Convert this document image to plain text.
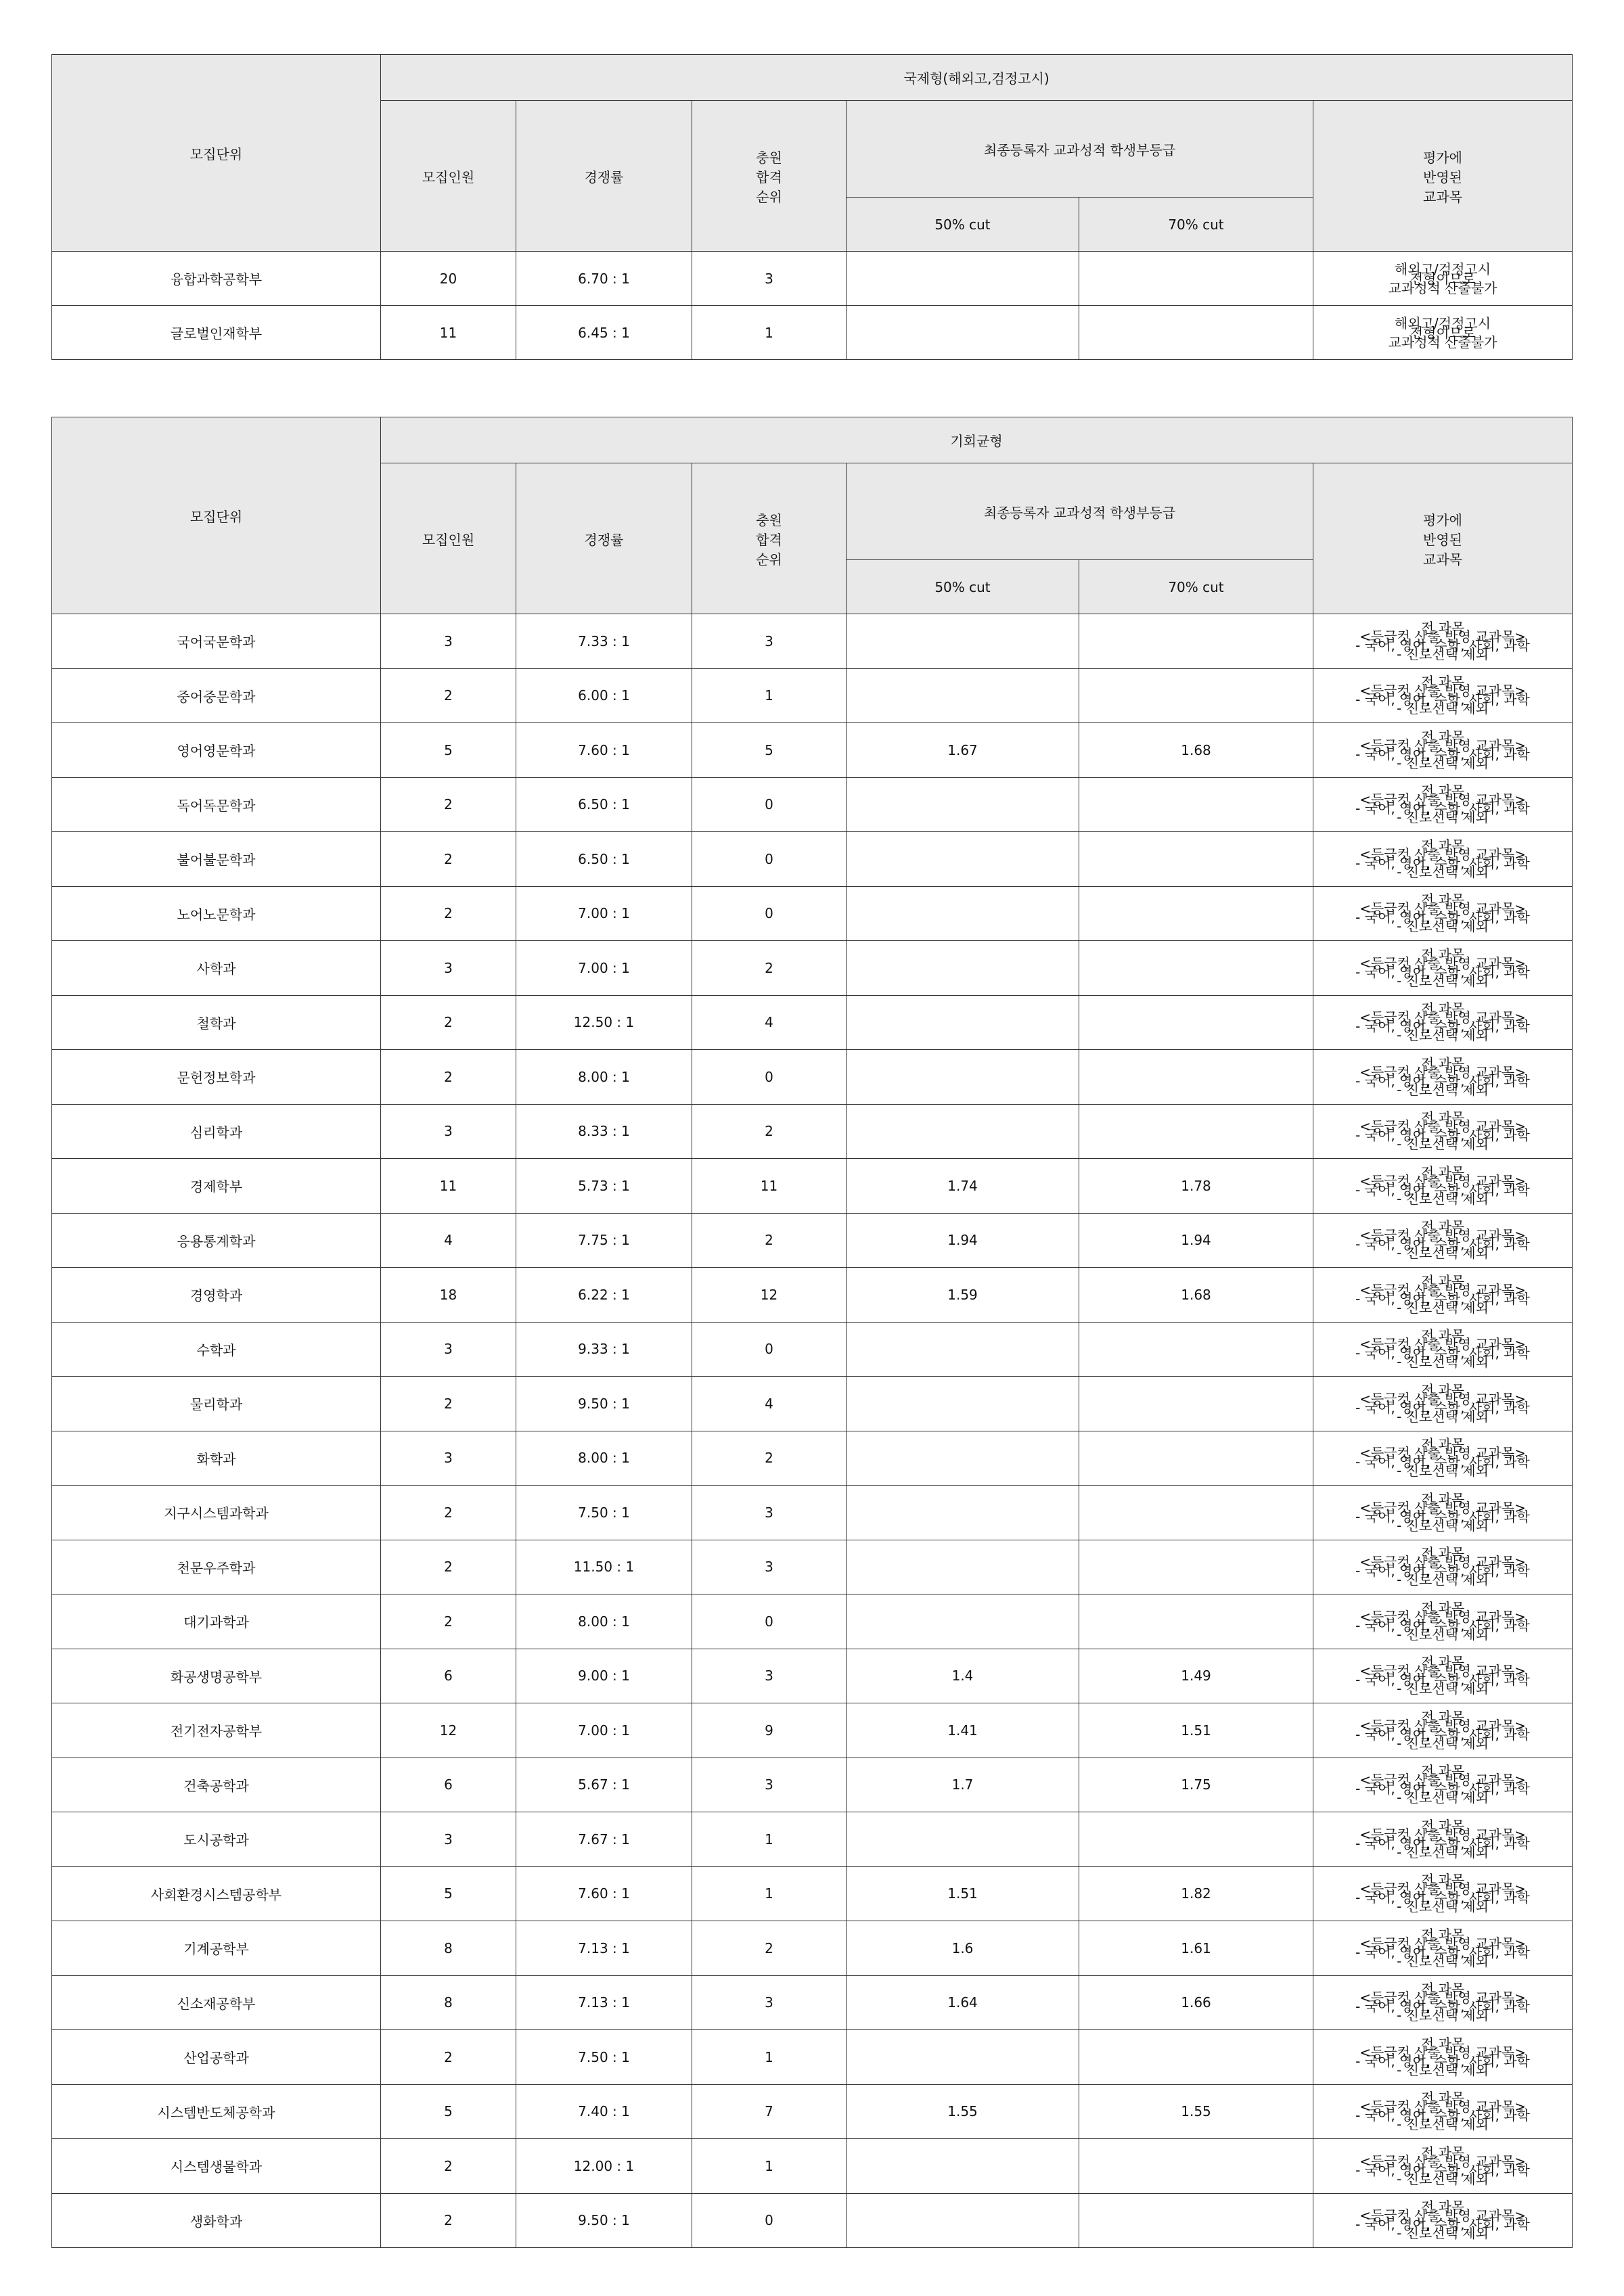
모집단위	국제형(해외고,검정고시)					
	모집인원	경쟁률	충원
합격
순위	최종등록자 교과성적 학생부등급		평가에
반영된
교과목
				50% cut	70% cut	
융합과학공학부	20	6.70 : 1	3			해외고/검정고시
전형이므로
교과성적 산출불가
글로벌인재학부	11	6.45 : 1	1			해외고/검정고시
전형이므로
교과성적 산출불가
모집단위	기회균형					
	모집인원	경쟁률	충원
합격
순위	최종등록자 교과성적 학생부등급		평가에
반영된
교과목
				50% cut	70% cut	
국어국문학과	3	7.33 : 1	3			전 과목
<등급컷 산출 반영 교과목>
- 국어, 영어, 수학, 사회, 과학
- 진로선택 제외
중어중문학과	2	6.00 : 1	1			전 과목
<등급컷 산출 반영 교과목>
- 국어, 영어, 수학, 사회, 과학
- 진로선택 제외
영어영문학과	5	7.60 : 1	5	1.67	1.68	전 과목
<등급컷 산출 반영 교과목>
- 국어, 영어, 수학, 사회, 과학
- 진로선택 제외
독어독문학과	2	6.50 : 1	0			전 과목
<등급컷 산출 반영 교과목>
- 국어, 영어, 수학, 사회, 과학
- 진로선택 제외
불어불문학과	2	6.50 : 1	0			전 과목
<등급컷 산출 반영 교과목>
- 국어, 영어, 수학, 사회, 과학
- 진로선택 제외
노어노문학과	2	7.00 : 1	0			전 과목
<등급컷 산출 반영 교과목>
- 국어, 영어, 수학, 사회, 과학
- 진로선택 제외
사학과	3	7.00 : 1	2			전 과목
<등급컷 산출 반영 교과목>
- 국어, 영어, 수학, 사회, 과학
- 진로선택 제외
철학과	2	12.50 : 1	4			전 과목
<등급컷 산출 반영 교과목>
- 국어, 영어, 수학, 사회, 과학
- 진로선택 제외
문헌정보학과	2	8.00 : 1	0			전 과목
<등급컷 산출 반영 교과목>
- 국어, 영어, 수학, 사회, 과학
- 진로선택 제외
심리학과	3	8.33 : 1	2			전 과목
<등급컷 산출 반영 교과목>
- 국어, 영어, 수학, 사회, 과학
- 진로선택 제외
경제학부	11	5.73 : 1	11	1.74	1.78	전 과목
<등급컷 산출 반영 교과목>
- 국어, 영어, 수학, 사회, 과학
- 진로선택 제외
응용통계학과	4	7.75 : 1	2	1.94	1.94	전 과목
<등급컷 산출 반영 교과목>
- 국어, 영어, 수학, 사회, 과학
- 진로선택 제외
경영학과	18	6.22 : 1	12	1.59	1.68	전 과목
<등급컷 산출 반영 교과목>
- 국어, 영어, 수학, 사회, 과학
- 진로선택 제외
수학과	3	9.33 : 1	0			전 과목
<등급컷 산출 반영 교과목>
- 국어, 영어, 수학, 사회, 과학
- 진로선택 제외
물리학과	2	9.50 : 1	4			전 과목
<등급컷 산출 반영 교과목>
- 국어, 영어, 수학, 사회, 과학
- 진로선택 제외
화학과	3	8.00 : 1	2			전 과목
<등급컷 산출 반영 교과목>
- 국어, 영어, 수학, 사회, 과학
- 진로선택 제외
지구시스템과학과	2	7.50 : 1	3			전 과목
<등급컷 산출 반영 교과목>
- 국어, 영어, 수학, 사회, 과학
- 진로선택 제외
천문우주학과	2	11.50 : 1	3			전 과목
<등급컷 산출 반영 교과목>
- 국어, 영어, 수학, 사회, 과학
- 진로선택 제외
대기과학과	2	8.00 : 1	0			전 과목
<등급컷 산출 반영 교과목>
- 국어, 영어, 수학, 사회, 과학
- 진로선택 제외
화공생명공학부	6	9.00 : 1	3	1.4	1.49	전 과목
<등급컷 산출 반영 교과목>
- 국어, 영어, 수학, 사회, 과학
- 진로선택 제외
전기전자공학부	12	7.00 : 1	9	1.41	1.51	전 과목
<등급컷 산출 반영 교과목>
- 국어, 영어, 수학, 사회, 과학
- 진로선택 제외
건축공학과	6	5.67 : 1	3	1.7	1.75	전 과목
<등급컷 산출 반영 교과목>
- 국어, 영어, 수학, 사회, 과학
- 진로선택 제외
도시공학과	3	7.67 : 1	1			전 과목
<등급컷 산출 반영 교과목>
- 국어, 영어, 수학, 사회, 과학
- 진로선택 제외
사회환경시스템공학부	5	7.60 : 1	1	1.51	1.82	전 과목
<등급컷 산출 반영 교과목>
- 국어, 영어, 수학, 사회, 과학
- 진로선택 제외
기계공학부	8	7.13 : 1	2	1.6	1.61	전 과목
<등급컷 산출 반영 교과목>
- 국어, 영어, 수학, 사회, 과학
- 진로선택 제외
신소재공학부	8	7.13 : 1	3	1.64	1.66	전 과목
<등급컷 산출 반영 교과목>
- 국어, 영어, 수학, 사회, 과학
- 진로선택 제외
산업공학과	2	7.50 : 1	1			전 과목
<등급컷 산출 반영 교과목>
- 국어, 영어, 수학, 사회, 과학
- 진로선택 제외
시스템반도체공학과	5	7.40 : 1	7	1.55	1.55	전 과목
<등급컷 산출 반영 교과목>
- 국어, 영어, 수학, 사회, 과학
- 진로선택 제외
시스템생물학과	2	12.00 : 1	1			전 과목
<등급컷 산출 반영 교과목>
- 국어, 영어, 수학, 사회, 과학
- 진로선택 제외
생화학과	2	9.50 : 1	0			전 과목
<등급컷 산출 반영 교과목>
- 국어, 영어, 수학, 사회, 과학
- 진로선택 제외
